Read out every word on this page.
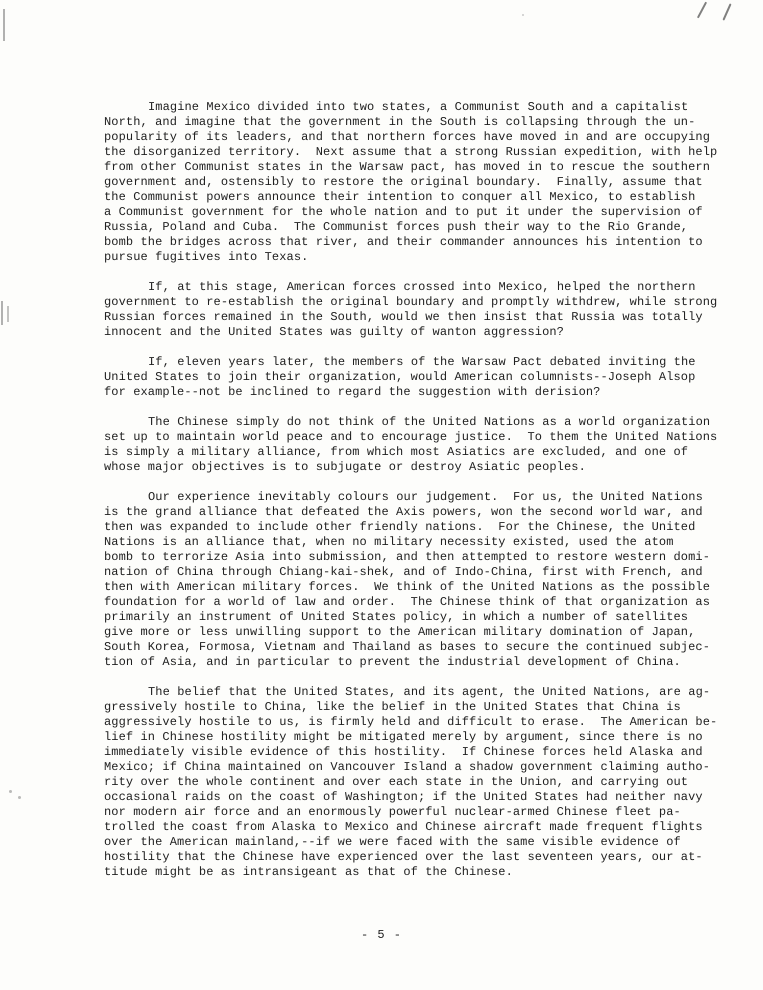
Imagine Mexico divided into two states, a Communist South and a capitalist
North, and imagine that the government in the South is collapsing through the un-
popularity of its leaders, and that northern forces have moved in and are occupying
the disorganized territory.  Next assume that a strong Russian expedition, with help
from other Communist states in the Warsaw pact, has moved in to rescue the southern
government and, ostensibly to restore the original boundary.  Finally, assume that
the Communist powers announce their intention to conquer all Mexico, to establish
a Communist government for the whole nation and to put it under the supervision of
Russia, Poland and Cuba.  The Communist forces push their way to the Rio Grande,
bomb the bridges across that river, and their commander announces his intention to
pursue fugitives into Texas.

If, at this stage, American forces crossed into Mexico, helped the northern
government to re-establish the original boundary and promptly withdrew, while strong
Russian forces remained in the South, would we then insist that Russia was totally
innocent and the United States was guilty of wanton aggression?

If, eleven years later, the members of the Warsaw Pact debated inviting the
United States to join their organization, would American columnists--Joseph Alsop
for example--not be inclined to regard the suggestion with derision?

The Chinese simply do not think of the United Nations as a world organization
set up to maintain world peace and to encourage justice.  To them the United Nations
is simply a military alliance, from which most Asiatics are excluded, and one of
whose major objectives is to subjugate or destroy Asiatic peoples.

Our experience inevitably colours our judgement.  For us, the United Nations
is the grand alliance that defeated the Axis powers, won the second world war, and
then was expanded to include other friendly nations.  For the Chinese, the United
Nations is an alliance that, when no military necessity existed, used the atom
bomb to terrorize Asia into submission, and then attempted to restore western domi-
nation of China through Chiang-kai-shek, and of Indo-China, first with French, and
then with American military forces.  We think of the United Nations as the possible
foundation for a world of law and order.  The Chinese think of that organization as
primarily an instrument of United States policy, in which a number of satellites
give more or less unwilling support to the American military domination of Japan,
South Korea, Formosa, Vietnam and Thailand as bases to secure the continued subjec-
tion of Asia, and in particular to prevent the industrial development of China.

The belief that the United States, and its agent, the United Nations, are ag-
gressively hostile to China, like the belief in the United States that China is
aggressively hostile to us, is firmly held and difficult to erase.  The American be-
lief in Chinese hostility might be mitigated merely by argument, since there is no
immediately visible evidence of this hostility.  If Chinese forces held Alaska and
Mexico; if China maintained on Vancouver Island a shadow government claiming autho-
rity over the whole continent and over each state in the Union, and carrying out
occasional raids on the coast of Washington; if the United States had neither navy
nor modern air force and an enormously powerful nuclear-armed Chinese fleet pa-
trolled the coast from Alaska to Mexico and Chinese aircraft made frequent flights
over the American mainland,--if we were faced with the same visible evidence of
hostility that the Chinese have experienced over the last seventeen years, our at-
titude might be as intransigeant as that of the Chinese.

- 5 -
